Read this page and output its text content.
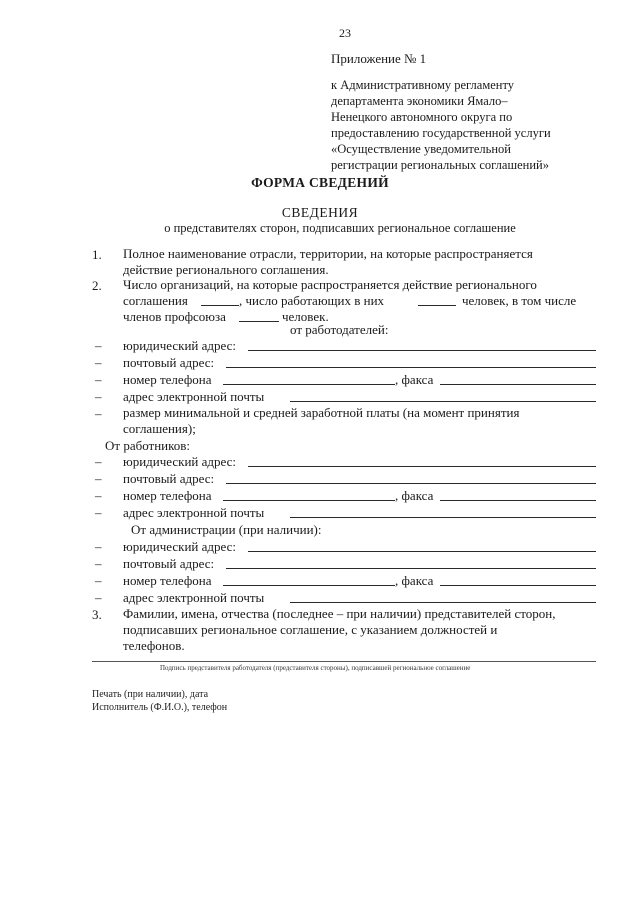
23
Приложение № 1
к Административному регламенту
департамента экономики Ямало–
Ненецкого автономного округа по
предоставлению государственной услуги
«Осуществление уведомительной
регистрации региональных соглашений»
ФОРМА СВЕДЕНИЙ
СВЕДЕНИЯ
о представителях сторон, подписавших региональное соглашение
1. Полное наименование отрасли, территории, на которые распространяется
действие регионального соглашения.
2. Число организаций, на которые распространяется действие регионального
соглашения	, число работающих в них	человек, в том числе
членов профсоюза	человек.
от работодателей:
– юридический адрес:
– почтовый адрес:
– номер телефона	, факса
– адрес электронной почты
– размер минимальной и средней заработной платы (на момент принятия
соглашения);
От работников:
– юридический адрес:
– почтовый адрес:
– номер телефона	, факса
– адрес электронной почты
От администрации (при наличии):
– юридический адрес:
– почтовый адрес:
– номер телефона	, факса
– адрес электронной почты
3. Фамилии, имена, отчества (последнее – при наличии) представителей сторон,
подписавших региональное соглашение, с указанием должностей и
телефонов.
Подпись представителя работодателя (представителя стороны), подписавшей региональное соглашение
Печать (при наличии), дата
Исполнитель (Ф.И.О.), телефон
